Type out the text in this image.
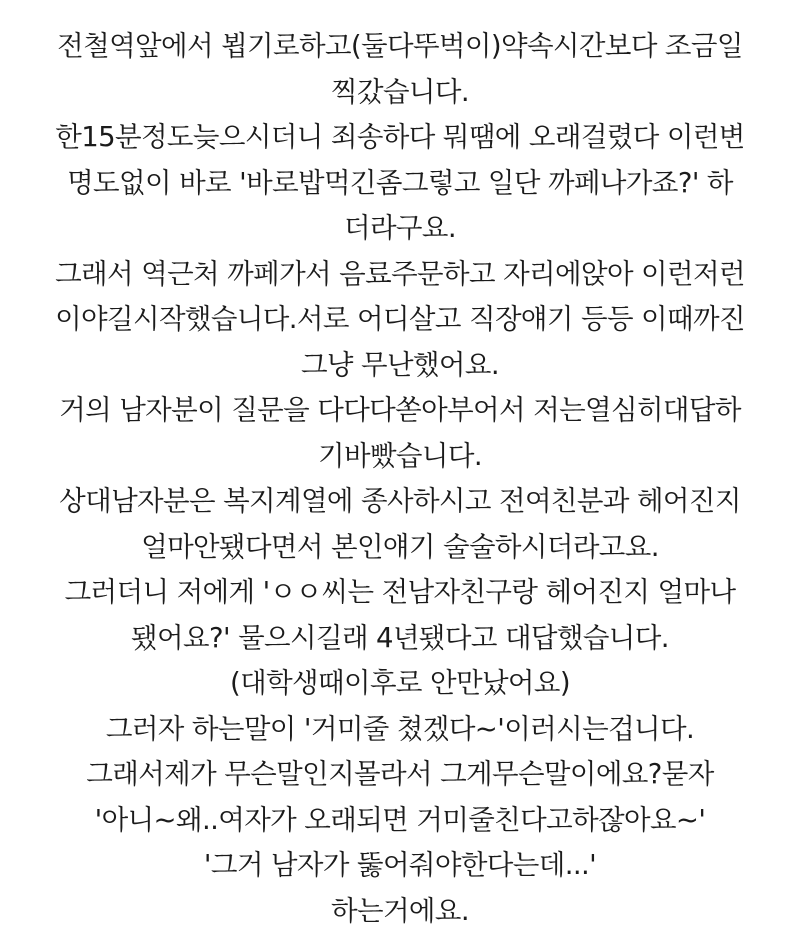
전철역앞에서 뵙기로하고(둘다뚜벅이)약속시간보다 조금일
찍갔습니다.
한15분정도늦으시더니 죄송하다 뭐땜에 오래걸렸다 이런변
명도없이 바로 '바로밥먹긴좀그렇고 일단 까페나가죠?' 하
더라구요.
그래서 역근처 까페가서 음료주문하고 자리에앉아 이런저런
이야길시작했습니다.서로 어디살고 직장얘기 등등 이때까진
그냥 무난했어요.
거의 남자분이 질문을 다다다쏟아부어서 저는열심히대답하
기바빴습니다.
상대남자분은 복지계열에 종사하시고 전여친분과 헤어진지
얼마안됐다면서 본인얘기 술술하시더라고요.
그러더니 저에게 'ㅇㅇ씨는 전남자친구랑 헤어진지 얼마나
됐어요?' 물으시길래 4년됐다고 대답했습니다.
(대학생때이후로 안만났어요)
그러자 하는말이 '거미줄 쳤겠다~'이러시는겁니다.
그래서제가 무슨말인지몰라서 그게무슨말이에요?묻자
'아니~왜..여자가 오래되면 거미줄친다고하잖아요~'
'그거 남자가 뚫어줘야한다는데...'
하는거에요.
